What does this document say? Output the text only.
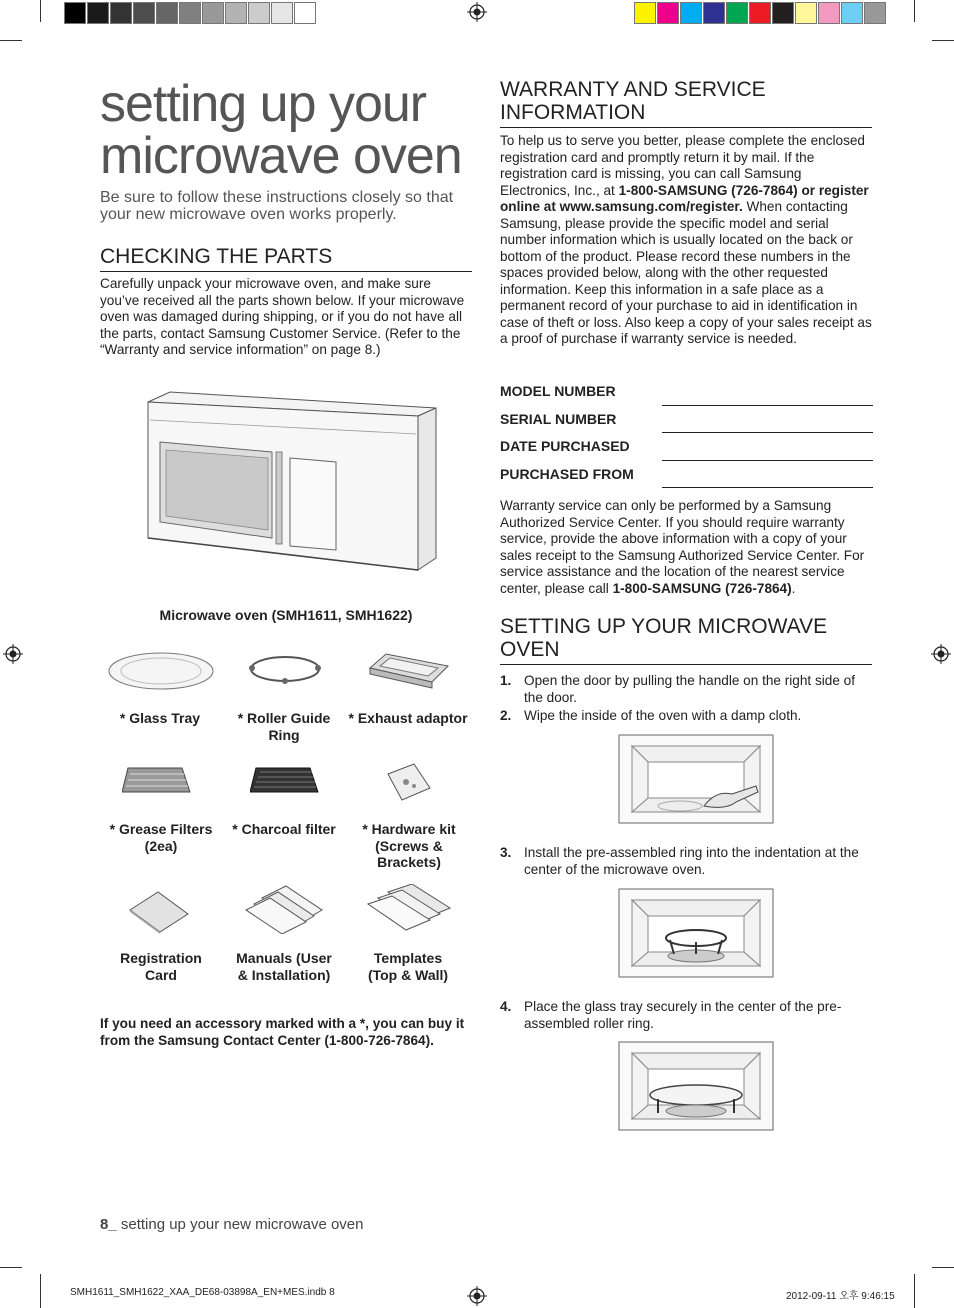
setting up your microwave oven
Be sure to follow these instructions closely so that your new microwave oven works properly.
CHECKING THE PARTS
Carefully unpack your microwave oven, and make sure you’ve received all the parts shown below. If your microwave oven was damaged during shipping, or if you do not have all the parts, contact Samsung Customer Service. (Refer to the “Warranty and service information” on page 8.)
Microwave oven (SMH1611, SMH1622)
* Glass Tray	* Roller Guide Ring
* Exhaust adaptor
* Grease Filters (2ea)
* Charcoal filter	* Hardware kit (Screws & Brackets)
Registration Card
Manuals (User & Installation)
Templates (Top & Wall)
If you need an accessory marked with a *, you can buy it from the Samsung Contact Center (1-800-726-7864).
WARRANTY AND SERVICE INFORMATION
To help us to serve you better, please complete the enclosed registration card and promptly return it by mail. If the registration card is missing, you can call Samsung Electronics, Inc., at 1-800-SAMSUNG (726-7864) or register online at www.samsung.com/register. When contacting Samsung, please provide the specific model and serial number information which is usually located on the back or bottom of the product. Please record these numbers in the spaces provided below, along with the other requested information. Keep this information in a safe place as a permanent record of your purchase to aid in identification in case of theft or loss. Also keep a copy of your sales receipt as a proof of purchase if warranty service is needed.
MODEL NUMBER
SERIAL NUMBER
DATE PURCHASED
PURCHASED FROM
Warranty service can only be performed by a Samsung Authorized Service Center. If you should require warranty service, provide the above information with a copy of your sales receipt to the Samsung Authorized Service Center. For service assistance and the location of the nearest service center, please call 1-800-SAMSUNG (726-7864).
SETTING UP YOUR MICROWAVE OVEN
1. Open the door by pulling the handle on the right side of the door.
2. Wipe the inside of the oven with a damp cloth.
3. Install the pre-assembled ring into the indentation at the center of the microwave oven.
4. Place the glass tray securely in the center of the pre-assembled roller ring.
8_ setting up your new microwave oven
SMH1611_SMH1622_XAA_DE68-03898A_EN+MES.indb 8	2012-09-11 오후 9:46:15
